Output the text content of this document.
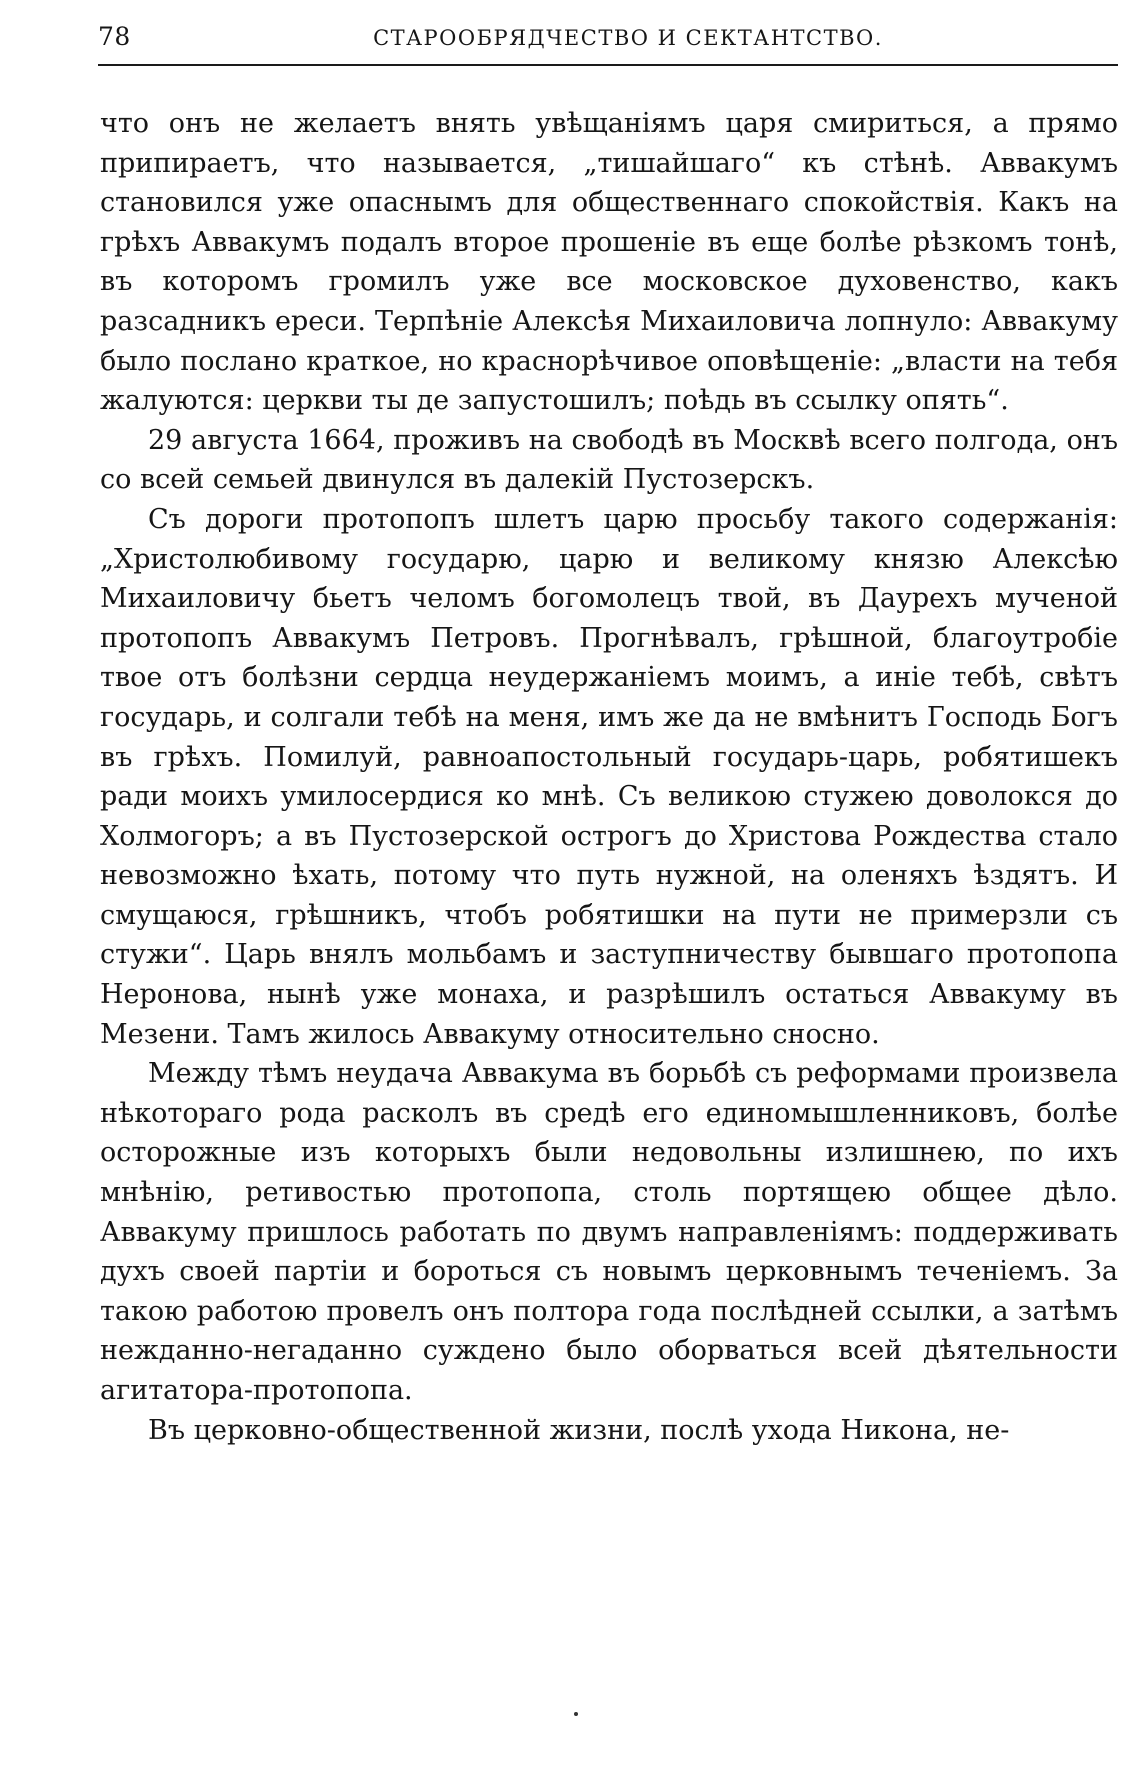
78	СТАРООБРЯДЧЕСТВО И СЕКТАНТСТВО.

что онъ не желаетъ внять увѣщаніямъ царя смириться, а прямо припираетъ, что называется, „тишайшаго“ къ стѣнѣ. Аввакумъ становился уже опаснымъ для общественнаго спокойствія. Какъ на грѣхъ Аввакумъ подалъ второе прошеніе въ еще болѣе рѣзкомъ тонѣ, въ которомъ громилъ уже все московское духовенство, какъ разсадникъ ереси. Терпѣніе Алексѣя Михаиловича лопнуло: Аввакуму было послано краткое, но краснорѣчивое оповѣщеніе: „власти на тебя жалуются: церкви ты де запустошилъ; поѣдь въ ссылку опять“.

29 августа 1664, проживъ на свободѣ въ Москвѣ всего полгода, онъ со всей семьей двинулся въ далекій Пустозерскъ.

Съ дороги протопопъ шлетъ царю просьбу такого содержанія: „Христолюбивому государю, царю и великому князю Алексѣю Михаиловичу бьетъ челомъ богомолецъ твой, въ Дaурехъ мученой протопопъ Аввакумъ Петровъ. Прогнѣвалъ, грѣшной, благоутробіе твое отъ болѣзни сердца неудержаніемъ моимъ, а иніе тебѣ, свѣтъ государь, и солгали тебѣ на меня, имъ же да не вмѣнитъ Господь Богъ въ грѣхъ. Помилуй, равноапостольный государь-царь, робятишекъ ради моихъ умилосердися ко мнѣ. Съ великою стужею доволокся до Холмогоръ; а въ Пустозерской острогъ до Христова Рождества стало невозможно ѣхать, потому что путь нужной, на оленяхъ ѣздятъ. И смущаюся, грѣшникъ, чтобъ робятишки на пути не примерзли съ стужи“. Царь внялъ мольбамъ и заступничеству бывшаго протопопа Неронова, нынѣ уже монаха, и разрѣшилъ остаться Аввакуму въ Мезени. Тамъ жилось Аввакуму относительно сносно.

Между тѣмъ неудача Аввакума въ борьбѣ съ реформами произвела нѣкотораго рода расколъ въ средѣ его единомышленниковъ, болѣе осторожные изъ которыхъ были недовольны излишнею, по ихъ мнѣнію, ретивостью протопопа, столь портящею общее дѣло. Аввакуму пришлось работать по двумъ направленіямъ: поддерживать духъ своей партіи и бороться съ новымъ церковнымъ теченіемъ. За такою работою провелъ онъ полтора года послѣдней ссылки, а затѣмъ нежданно-негаданно суждено было оборваться всей дѣятельности агитатора-протопопа.

Въ церковно-общественной жизни, послѣ ухода Никона, не-
